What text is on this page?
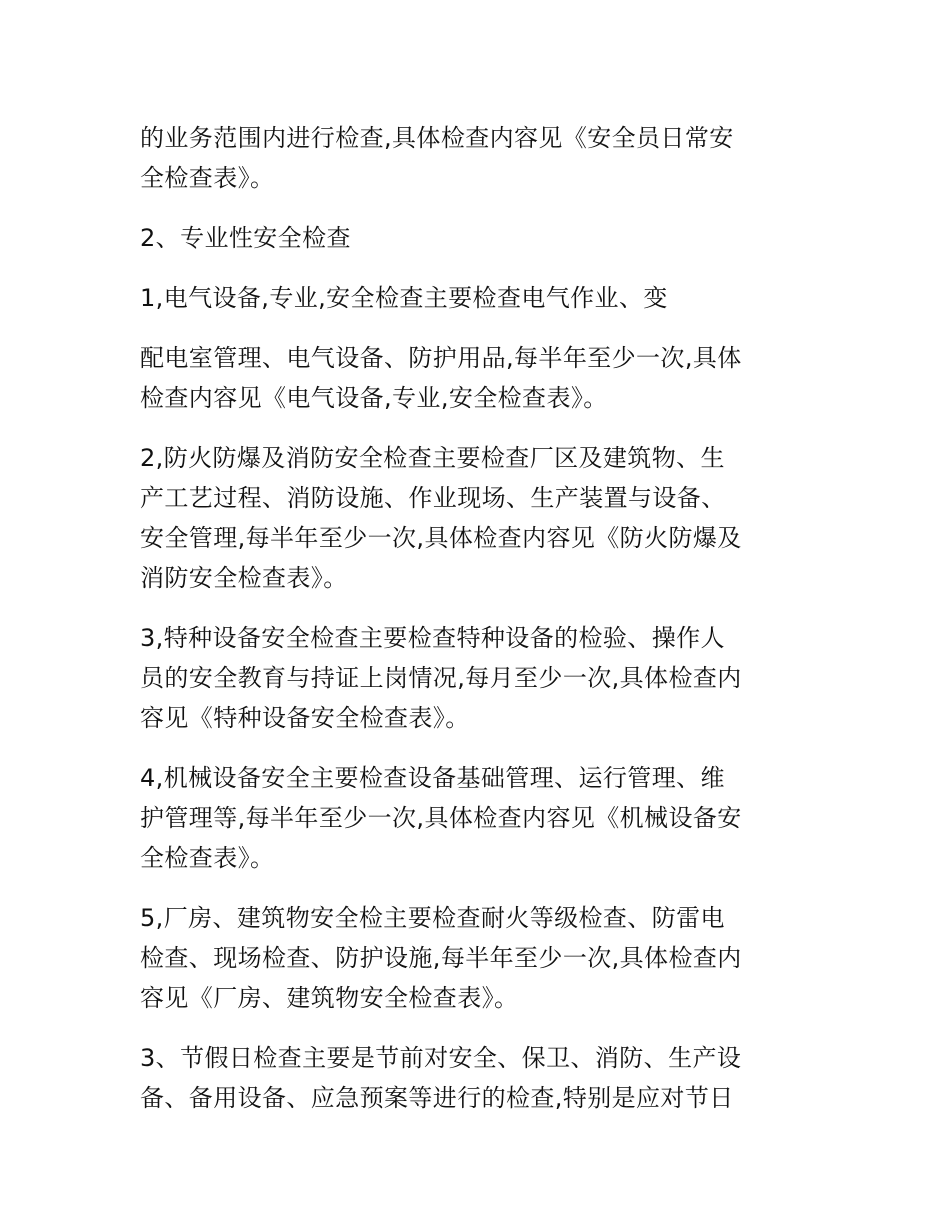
的业务范围内进行检查,具体检查内容见《安全员日常安
全检查表》。
2、专业性安全检查
1,电气设备,专业,安全检查主要检查电气作业、变
配电室管理、电气设备、防护用品,每半年至少一次,具体
检查内容见《电气设备,专业,安全检查表》。
2,防火防爆及消防安全检查主要检查厂区及建筑物、生
产工艺过程、消防设施、作业现场、生产装置与设备、
安全管理,每半年至少一次,具体检查内容见《防火防爆及
消防安全检查表》。
3,特种设备安全检查主要检查特种设备的检验、操作人
员的安全教育与持证上岗情况,每月至少一次,具体检查内
容见《特种设备安全检查表》。
4,机械设备安全主要检查设备基础管理、运行管理、维
护管理等,每半年至少一次,具体检查内容见《机械设备安
全检查表》。
5,厂房、建筑物安全检主要检查耐火等级检查、防雷电
检查、现场检查、防护设施,每半年至少一次,具体检查内
容见《厂房、建筑物安全检查表》。
3、节假日检查主要是节前对安全、保卫、消防、生产设
备、备用设备、应急预案等进行的检查,特别是应对节日
